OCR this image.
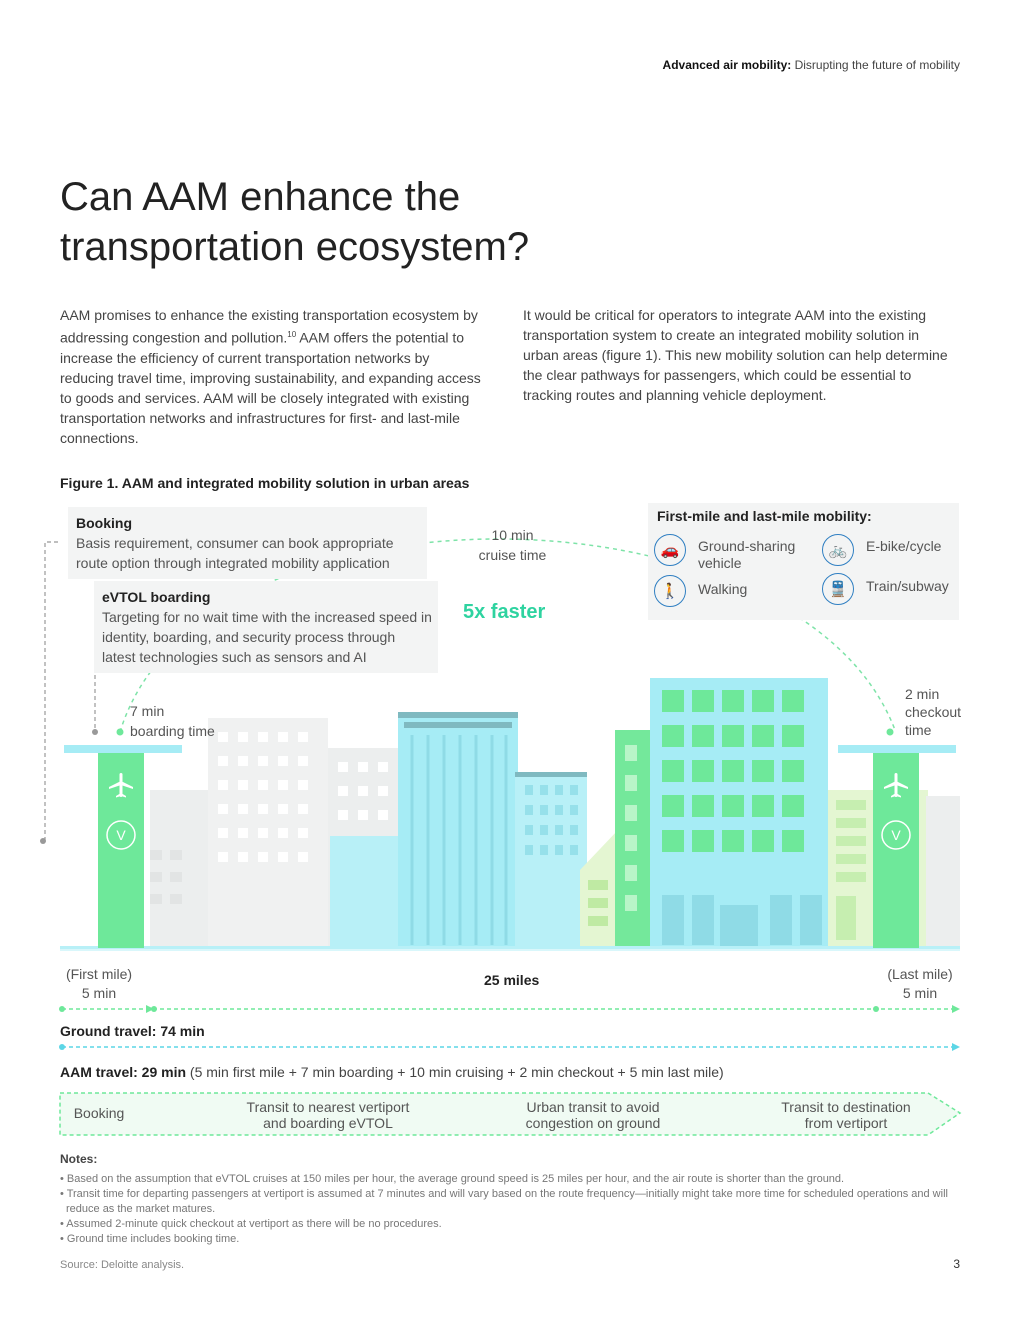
Advanced air mobility: Disrupting the future of mobility
Can AAM enhance the transportation ecosystem?

AAM promises to enhance the existing transportation ecosystem by addressing congestion and pollution.$^{10}$ AAM offers the potential to increase the efficiency of current transportation networks by reducing travel time, improving sustainability, and expanding access to goods and services. AAM will be closely integrated with existing transportation networks and infrastructures for first- and last-mile connections.

It would be critical for operators to integrate AAM into the existing transportation system to create an integrated mobility solution in urban areas (figure 1). This new mobility solution can help determine the clear pathways for passengers, which could be essential to tracking routes and planning vehicle deployment.

Figure 1. AAM and integrated mobility solution in urban areas
V	V
Booking
Basis requirement, consumer can book appropriate route option through integrated mobility application
eVTOL boarding
Targeting for no wait time with the increased speed in identity, boarding, and security process through latest technologies such as sensors and AI
10 min
cruise time
5x faster
7 min
boarding time
2 min
checkout
time
First-mile and last-mile mobility:
🚗	Ground-sharing
vehicle
🚲	E-bike/cycle
🚶	Walking	🚆	Train/subway
(First mile)
5 min
25 miles	(Last mile)
5 min
Ground travel: 74 min
AAM travel: 29 min (5 min first mile + 7 min boarding + 10 min cruising + 2 min checkout + 5 min last mile)
Booking	Transit to nearest vertiport
and boarding eVTOL
Urban transit to avoid
congestion on ground
Transit to destination
from vertiport
Notes:
• Based on the assumption that eVTOL cruises at 150 miles per hour, the average ground speed is 25 miles per hour, and the air route is shorter than the ground.
• Transit time for departing passengers at vertiport is assumed at 7 minutes and will vary based on the route frequency—initially might take more time for scheduled operations and will reduce as the market matures.
• Assumed 2-minute quick checkout at vertiport as there will be no procedures.
• Ground time includes booking time.
Source: Deloitte analysis.	3
